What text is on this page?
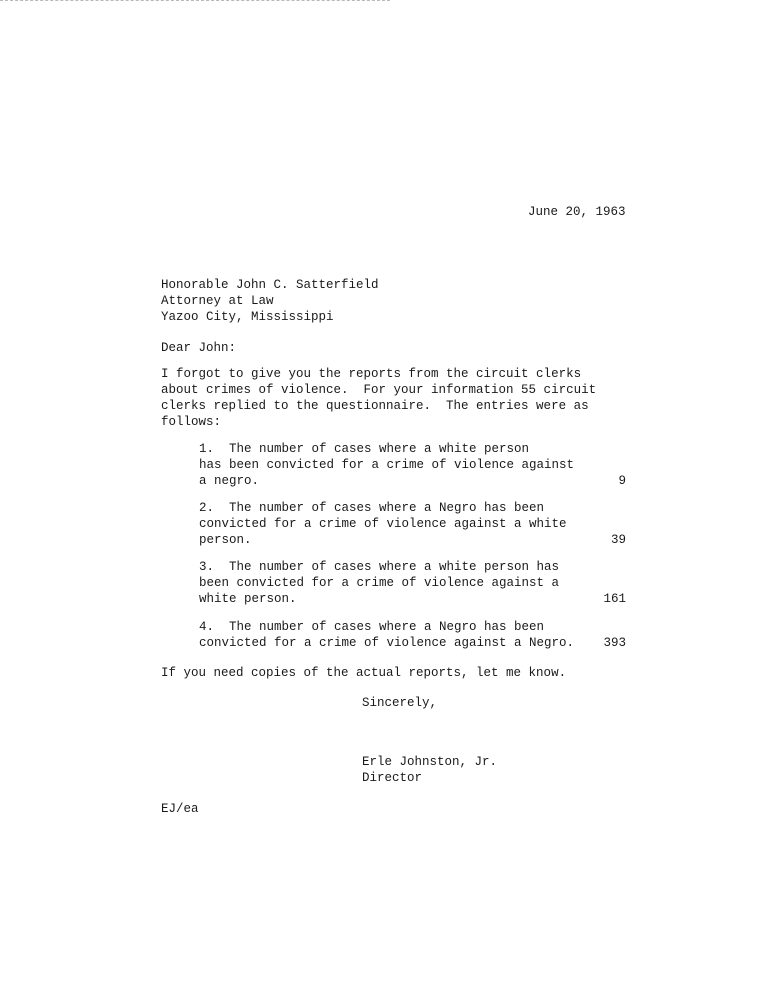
June 20, 1963
Honorable John C. Satterfield
Attorney at Law
Yazoo City, Mississippi
Dear John:
I forgot to give you the reports from the circuit clerks
about crimes of violence.  For your information 55 circuit
clerks replied to the questionnaire.  The entries were as
follows:
1.  The number of cases where a white person
has been convicted for a crime of violence against
a negro.	9
2.  The number of cases where a Negro has been
convicted for a crime of violence against a white
person.	39
3.  The number of cases where a white person has
been convicted for a crime of violence against a
white person.	161
4.  The number of cases where a Negro has been
convicted for a crime of violence against a Negro. 393
If you need copies of the actual reports, let me know.
Sincerely,
Erle Johnston, Jr.
Director
EJ/ea
